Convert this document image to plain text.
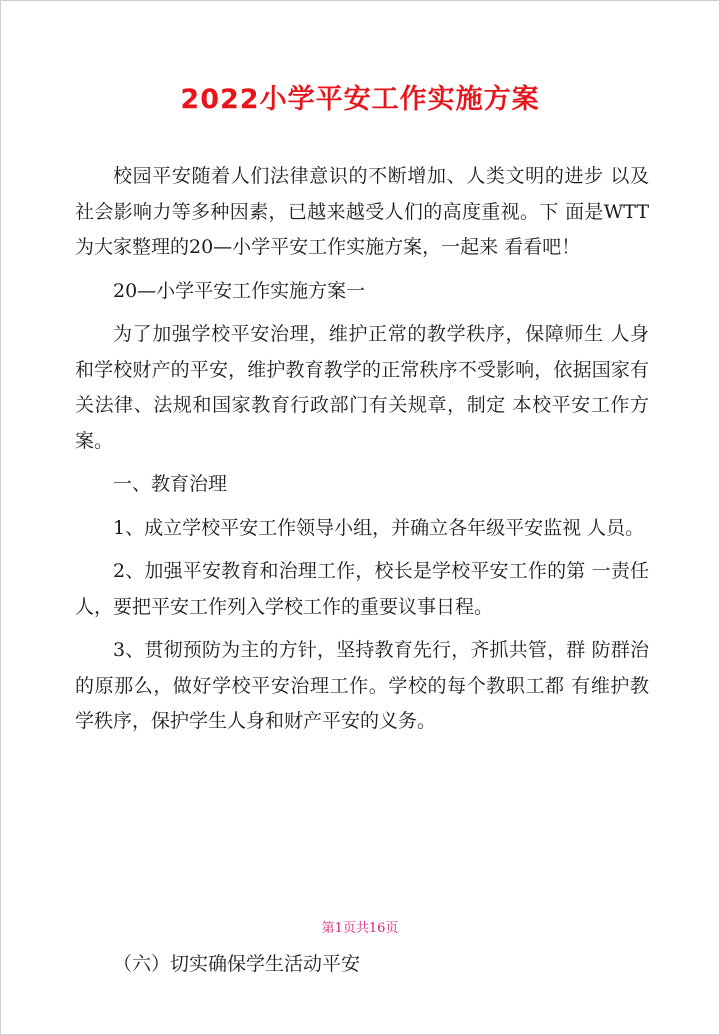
2022小学平安工作实施方案

校园平安随着人们法律意识的不断增加、人类文明的进步 以及社会影响力等多种因素，已越来越受人们的高度重视。下 面是WTT为大家整理的20—小学平安工作实施方案，一起来 看看吧！

20—小学平安工作实施方案一

为了加强学校平安治理，维护正常的教学秩序，保障师生 人身和学校财产的平安，维护教育教学的正常秩序不受影响，依据国家有关法律、法规和国家教育行政部门有关规章，制定 本校平安工作方案。

一、教育治理

1、成立学校平安工作领导小组，并确立各年级平安监视 人员。

2、加强平安教育和治理工作，校长是学校平安工作的第 一责任人，要把平安工作列入学校工作的重要议事日程。

3、贯彻预防为主的方针，坚持教育先行，齐抓共管，群 防群治的原那么，做好学校平安治理工作。学校的每个教职工都 有维护教学秩序，保护学生人身和财产平安的义务。

第1页共16页
（六）切实确保学生活动平安
